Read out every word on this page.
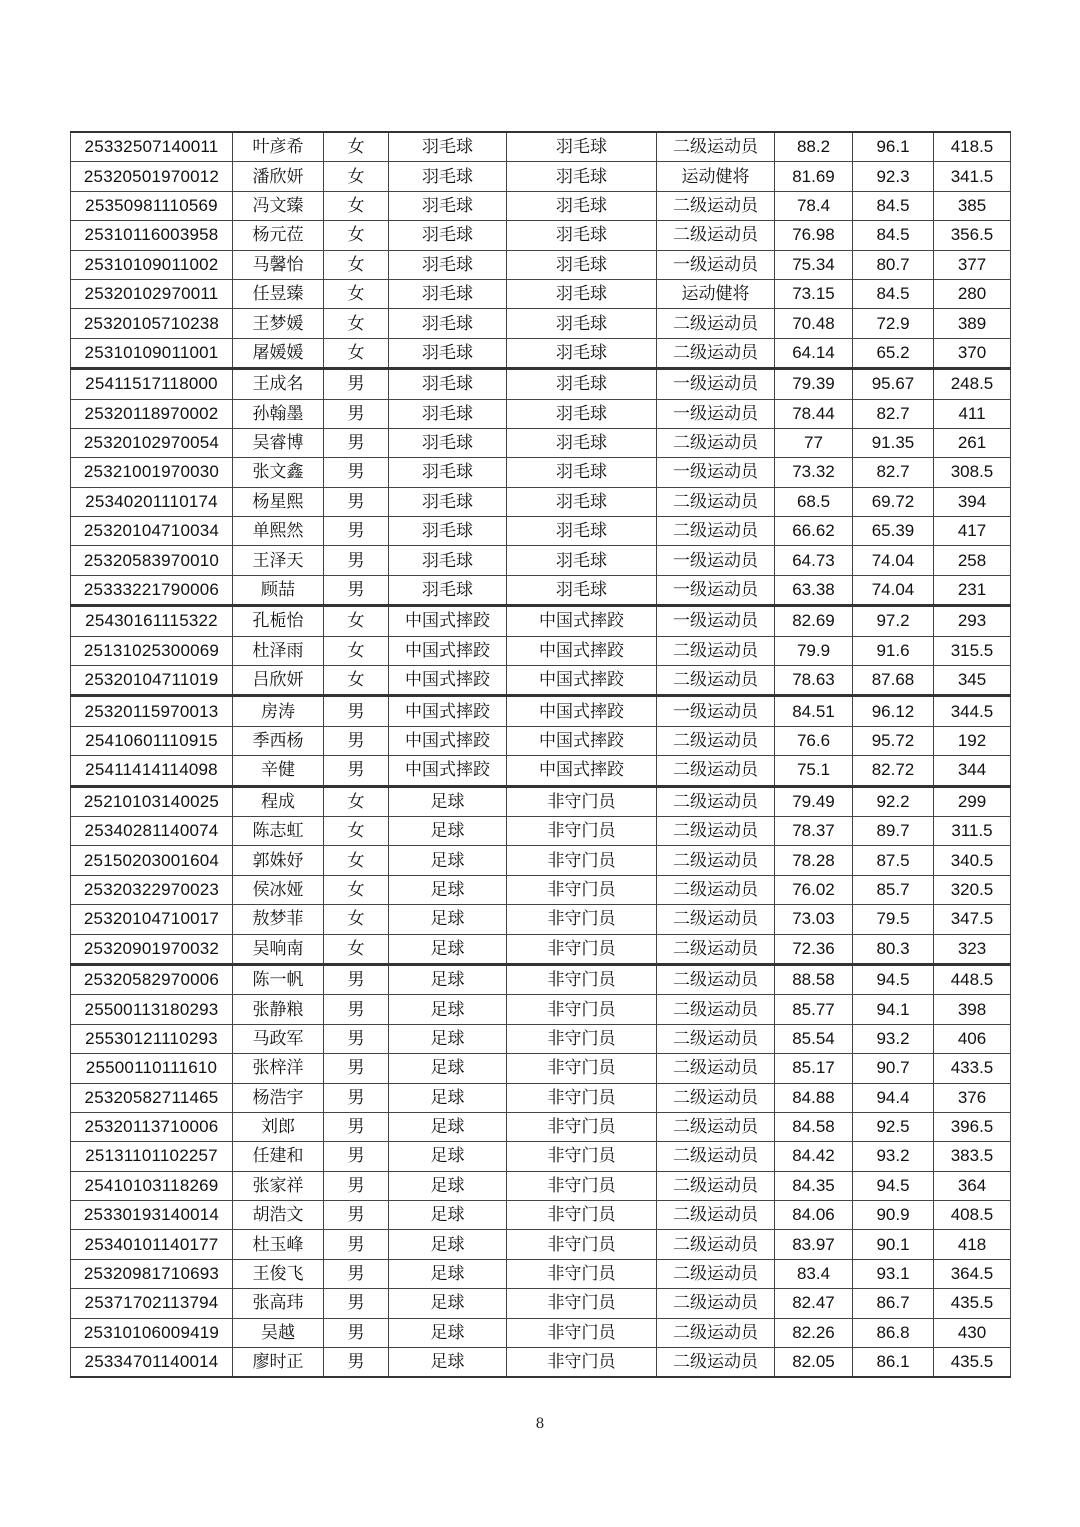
25332507140011	叶彦希	女	羽毛球	羽毛球	二级运动员	88.2	96.1	418.5
25320501970012	潘欣妍	女	羽毛球	羽毛球	运动健将	81.69	92.3	341.5
25350981110569	冯文臻	女	羽毛球	羽毛球	二级运动员	78.4	84.5	385
25310116003958	杨元莅	女	羽毛球	羽毛球	二级运动员	76.98	84.5	356.5
25310109011002	马馨怡	女	羽毛球	羽毛球	一级运动员	75.34	80.7	377
25320102970011	任昱臻	女	羽毛球	羽毛球	运动健将	73.15	84.5	280
25320105710238	王梦媛	女	羽毛球	羽毛球	二级运动员	70.48	72.9	389
25310109011001	屠媛媛	女	羽毛球	羽毛球	二级运动员	64.14	65.2	370
25411517118000	王成名	男	羽毛球	羽毛球	一级运动员	79.39	95.67	248.5
25320118970002	孙翰墨	男	羽毛球	羽毛球	一级运动员	78.44	82.7	411
25320102970054	吴睿博	男	羽毛球	羽毛球	二级运动员	77	91.35	261
25321001970030	张文鑫	男	羽毛球	羽毛球	一级运动员	73.32	82.7	308.5
25340201110174	杨星熙	男	羽毛球	羽毛球	二级运动员	68.5	69.72	394
25320104710034	单熙然	男	羽毛球	羽毛球	二级运动员	66.62	65.39	417
25320583970010	王泽天	男	羽毛球	羽毛球	一级运动员	64.73	74.04	258
25333221790006	顾喆	男	羽毛球	羽毛球	一级运动员	63.38	74.04	231
25430161115322	孔栀怡	女	中国式摔跤	中国式摔跤	一级运动员	82.69	97.2	293
25131025300069	杜泽雨	女	中国式摔跤	中国式摔跤	二级运动员	79.9	91.6	315.5
25320104711019	吕欣妍	女	中国式摔跤	中国式摔跤	二级运动员	78.63	87.68	345
25320115970013	房涛	男	中国式摔跤	中国式摔跤	一级运动员	84.51	96.12	344.5
25410601110915	季西杨	男	中国式摔跤	中国式摔跤	二级运动员	76.6	95.72	192
25411414114098	辛健	男	中国式摔跤	中国式摔跤	二级运动员	75.1	82.72	344
25210103140025	程成	女	足球	非守门员	二级运动员	79.49	92.2	299
25340281140074	陈志虹	女	足球	非守门员	二级运动员	78.37	89.7	311.5
25150203001604	郭姝妤	女	足球	非守门员	二级运动员	78.28	87.5	340.5
25320322970023	侯冰娅	女	足球	非守门员	二级运动员	76.02	85.7	320.5
25320104710017	敖梦菲	女	足球	非守门员	二级运动员	73.03	79.5	347.5
25320901970032	吴响南	女	足球	非守门员	二级运动员	72.36	80.3	323
25320582970006	陈一帆	男	足球	非守门员	二级运动员	88.58	94.5	448.5
25500113180293	张静粮	男	足球	非守门员	二级运动员	85.77	94.1	398
25530121110293	马政军	男	足球	非守门员	二级运动员	85.54	93.2	406
25500110111610	张梓洋	男	足球	非守门员	二级运动员	85.17	90.7	433.5
25320582711465	杨浩宇	男	足球	非守门员	二级运动员	84.88	94.4	376
25320113710006	刘郎	男	足球	非守门员	二级运动员	84.58	92.5	396.5
25131101102257	任建和	男	足球	非守门员	二级运动员	84.42	93.2	383.5
25410103118269	张家祥	男	足球	非守门员	二级运动员	84.35	94.5	364
25330193140014	胡浩文	男	足球	非守门员	二级运动员	84.06	90.9	408.5
25340101140177	杜玉峰	男	足球	非守门员	二级运动员	83.97	90.1	418
25320981710693	王俊飞	男	足球	非守门员	二级运动员	83.4	93.1	364.5
25371702113794	张高玮	男	足球	非守门员	二级运动员	82.47	86.7	435.5
25310106009419	吴越	男	足球	非守门员	二级运动员	82.26	86.8	430
25334701140014	廖时正	男	足球	非守门员	二级运动员	82.05	86.1	435.5
8
